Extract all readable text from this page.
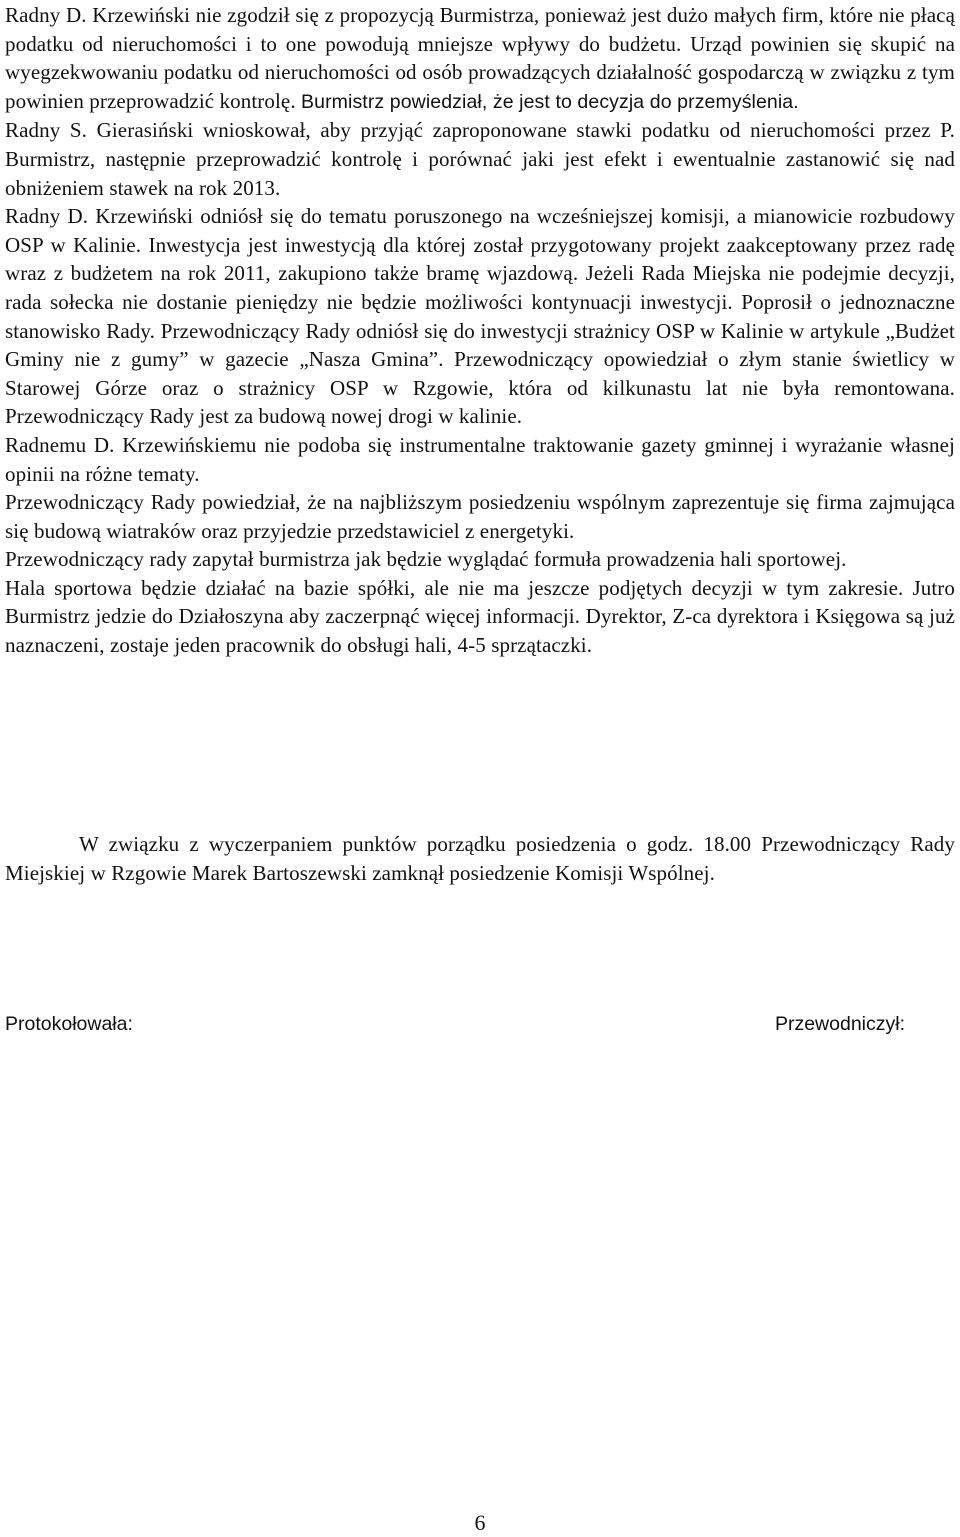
Radny D. Krzewiński nie zgodził się z propozycją Burmistrza, ponieważ jest dużo małych firm, które nie płacą podatku od nieruchomości i to one powodują mniejsze wpływy do budżetu. Urząd powinien się skupić na wyegzekwowaniu podatku od nieruchomości od osób prowadzących działalność gospodarczą w związku z tym powinien przeprowadzić kontrolę. Burmistrz powiedział, że jest to decyzja do przemyślenia.

Radny S. Gierasiński wnioskował, aby przyjąć zaproponowane stawki podatku od nieruchomości przez P. Burmistrz, następnie przeprowadzić kontrolę i porównać jaki jest efekt i ewentualnie zastanowić się nad obniżeniem stawek na rok 2013.

Radny D. Krzewiński odniósł się do tematu poruszonego na wcześniejszej komisji, a mianowicie rozbudowy OSP w Kalinie. Inwestycja jest inwestycją dla której został przygotowany projekt zaakceptowany przez radę wraz z budżetem na rok 2011, zakupiono także bramę wjazdową. Jeżeli Rada Miejska nie podejmie decyzji, rada sołecka nie dostanie pieniędzy nie będzie możliwości kontynuacji inwestycji. Poprosił o jednoznaczne stanowisko Rady. Przewodniczący Rady odniósł się do inwestycji strażnicy OSP w Kalinie w artykule „Budżet Gminy nie z gumy” w gazecie „Nasza Gmina”. Przewodniczący opowiedział o złym stanie świetlicy w Starowej Górze oraz o strażnicy OSP w Rzgowie, która od kilkunastu lat nie była remontowana. Przewodniczący Rady jest za budową nowej drogi w kalinie.

Radnemu D. Krzewińskiemu nie podoba się instrumentalne traktowanie gazety gminnej i wyrażanie własnej opinii na różne tematy.

Przewodniczący Rady powiedział, że na najbliższym posiedzeniu wspólnym zaprezentuje się firma zajmująca się budową wiatraków oraz przyjedzie przedstawiciel z energetyki.

Przewodniczący rady zapytał burmistrza jak będzie wyglądać formuła prowadzenia hali sportowej.

Hala sportowa będzie działać na bazie spółki, ale nie ma jeszcze podjętych decyzji w tym zakresie. Jutro Burmistrz jedzie do Działoszyna aby zaczerpnąć więcej informacji. Dyrektor, Z-ca dyrektora i Księgowa są już naznaczeni, zostaje jeden pracownik do obsługi hali, 4-5 sprzątaczki.

W związku z wyczerpaniem punktów porządku posiedzenia o godz. 18.00 Przewodniczący Rady Miejskiej w Rzgowie Marek Bartoszewski zamknął posiedzenie Komisji Wspólnej.

Protokołowała:	Przewodniczył:
6
